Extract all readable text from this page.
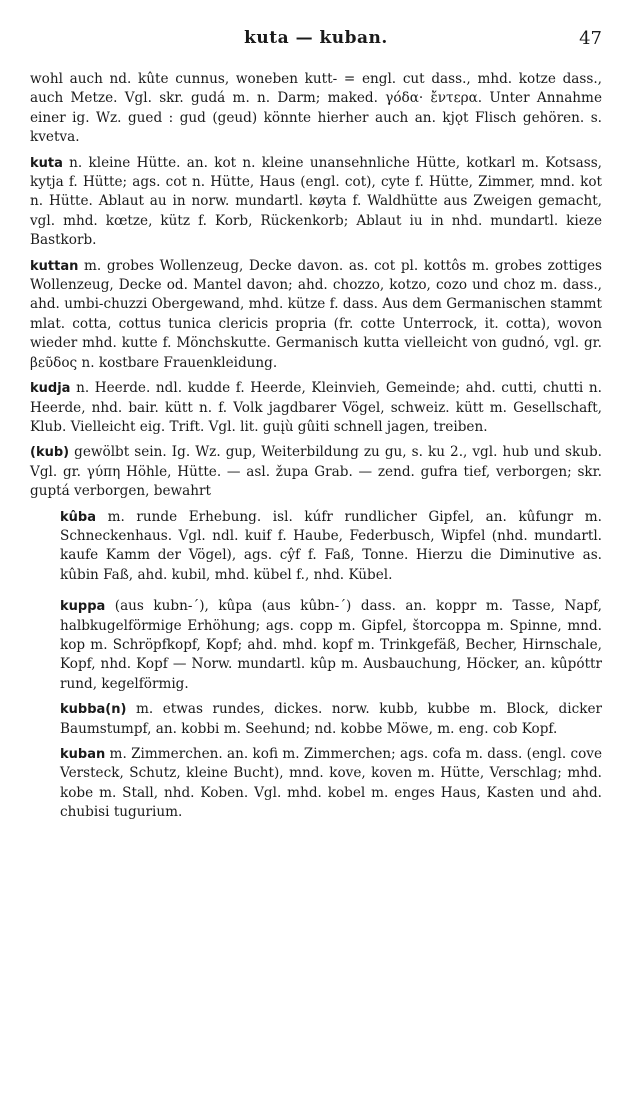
kuta — kuban.	47

wohl auch nd. kûte cunnus, woneben kutt- = engl. cut dass., mhd. kotze dass., auch Metze. Vgl. skr. gudá m. n. Darm; maked. γόδα· ἔντερα. Unter Annahme einer ig. Wz. gued : gud (geud) könnte hierher auch an. kjǫt Flisch gehören. s. kvetva.

kuta n. kleine Hütte. an. kot n. kleine unansehnliche Hütte, kotkarl m. Kotsass, kytja f. Hütte; ags. cot n. Hütte, Haus (engl. cot), cyte f. Hütte, Zimmer, mnd. kot n. Hütte. Ablaut au in norw. mundartl. køyta f. Waldhütte aus Zweigen gemacht, vgl. mhd. kœtze, kütz f. Korb, Rückenkorb; Ablaut iu in nhd. mundartl. kieze Bastkorb.

kuttan m. grobes Wollenzeug, Decke davon. as. cot pl. kottôs m. grobes zottiges Wollenzeug, Decke od. Mantel davon; ahd. chozzo, kotzo, cozo und choz m. dass., ahd. umbi-chuzzi Obergewand, mhd. kütze f. dass. Aus dem Germanischen stammt mlat. cotta, cottus tunica clericis propria (fr. cotte Unterrock, it. cotta), wovon wieder mhd. kutte f. Mönchskutte. Germanisch kutta vielleicht von gudnó, vgl. gr. βεῦδος n. kostbare Frauenkleidung.

kudja n. Heerde. ndl. kudde f. Heerde, Kleinvieh, Gemeinde; ahd. cutti, chutti n. Heerde, nhd. bair. kütt n. f. Volk jagdbarer Vögel, schweiz. kütt m. Gesellschaft, Klub. Vielleicht eig. Trift. Vgl. lit. guįù gûiti schnell jagen, treiben.

(kub) gewölbt sein. Ig. Wz. gup, Weiterbildung zu gu, s. ku 2., vgl. hub und skub. Vgl. gr. γύπη Höhle, Hütte. — asl. župa Grab. — zend. gufra tief, verborgen; skr. guptá verborgen, bewahrt

kûba m. runde Erhebung. isl. kúfr rundlicher Gipfel, an. kûfungr m. Schneckenhaus. Vgl. ndl. kuif f. Haube, Federbusch, Wipfel (nhd. mundartl. kaufe Kamm der Vögel), ags. cŷf f. Faß, Tonne. Hierzu die Diminutive as. kûbin Faß, ahd. kubil, mhd. kübel f., nhd. Kübel.

kuppa (aus kubn-´), kûpa (aus kûbn-´) dass. an. koppr m. Tasse, Napf, halbkugelförmige Erhöhung; ags. copp m. Gipfel, štorcoppa m. Spinne, mnd. kop m. Schröpfkopf, Kopf; ahd. mhd. kopf m. Trinkgefäß, Becher, Hirnschale, Kopf, nhd. Kopf — Norw. mundartl. kûp m. Ausbauchung, Höcker, an. kûpóttr rund, kegelförmig.

kubba(n) m. etwas rundes, dickes. norw. kubb, kubbe m. Block, dicker Baumstumpf, an. kobbi m. Seehund; nd. kobbe Möwe, m. eng. cob Kopf.

kuban m. Zimmerchen. an. kofi m. Zimmerchen; ags. cofa m. dass. (engl. cove Versteck, Schutz, kleine Bucht), mnd. kove, koven m. Hütte, Verschlag; mhd. kobe m. Stall, nhd. Koben. Vgl. mhd. kobel m. enges Haus, Kasten und ahd. chubisi tugurium.
